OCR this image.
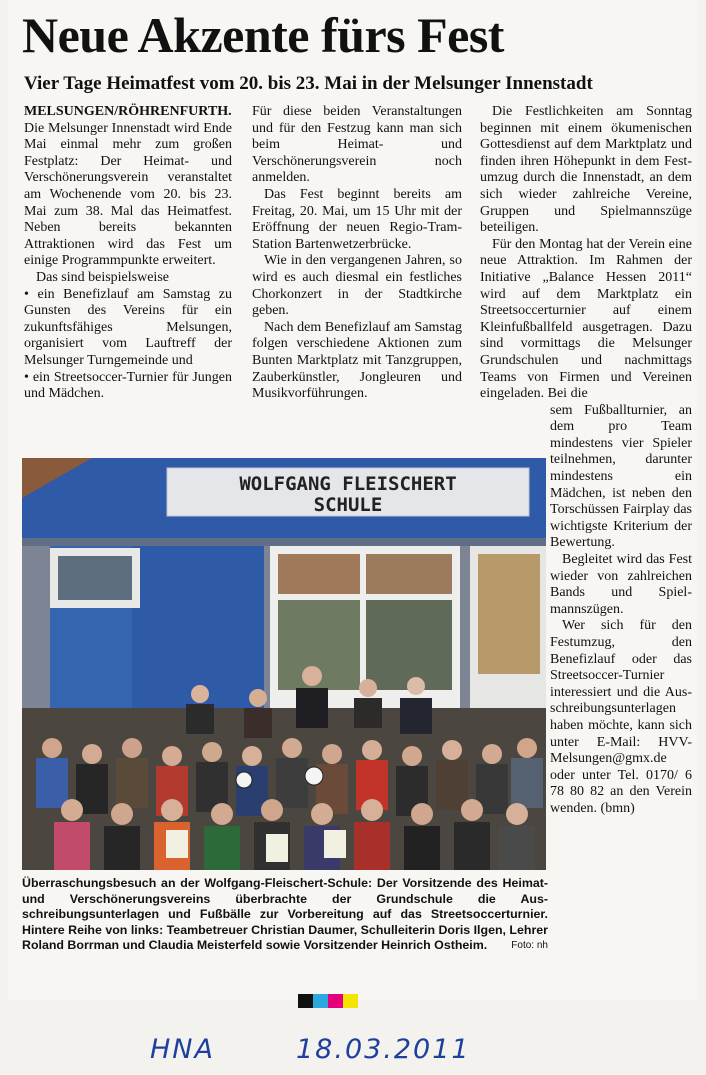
Neue Akzente fürs Fest
Vier Tage Heimatfest vom 20. bis 23. Mai in der Melsunger Innenstadt

MELSUNGEN/RÖHRENFURTH. Die Melsunger Innenstadt wird Ende Mai einmal mehr zum großen Festplatz: Der Heimat- und Verschönerungsverein veranstaltet am Wochenende vom 20. bis 23. Mai zum 38. Mal das Heimatfest. Neben bereits bekannten Attraktionen wird das Fest um einige Programmpunkte erweitert.

Das sind beispielsweise

• ein Benefizlauf am Samstag zu Gunsten des Vereins für ein zukunftsfähiges Melsungen, organisiert vom Lauftreff der Melsunger Turngemeinde und

• ein Streetsoccer-Turnier für Jungen und Mädchen.

Für diese beiden Veranstaltungen und für den Festzug kann man sich beim Heimat- und Verschönerungsverein noch anmelden.

Das Fest beginnt bereits am Freitag, 20. Mai, um 15 Uhr mit der Eröffnung der neuen Regio-Tram-Station Bartenwetzerbrücke.

Wie in den vergangenen Jahren, so wird es auch diesmal ein festliches Chorkonzert in der Stadtkirche geben.

Nach dem Benefizlauf am Samstag folgen verschiedene Aktionen zum Bunten Marktplatz mit Tanzgruppen, Zauberkünstler, Jongleuren und Musikvorführungen.

Die Festlichkeiten am Sonntag beginnen mit einem ökumenischen Gottesdienst auf dem Marktplatz und finden ihren Höhepunkt in dem Festumzug durch die Innenstadt, an dem sich wieder zahlreiche Vereine, Gruppen und Spielmannszüge beteiligen.

Für den Montag hat der Verein eine neue Attraktion. Im Rahmen der Initiative „Balance Hessen 2011“ wird auf dem Marktplatz ein Streetsoccerturnier auf einem Kleinfußballfeld ausgetragen. Dazu sind vormittags die Melsunger Grundschulen und nachmittags Teams von Firmen und Vereinen eingeladen. Bei die

sem Fußballturnier, an dem pro Team mindestens vier Spieler teilnehmen, darunter mindestens ein Mädchen, ist neben den Torschüssen Fairplay das wichtigste Kriterium der Bewertung.

Begleitet wird das Fest wieder von zahlreichen Bands und Spielmannszügen.

Wer sich für den Festumzug, den Benefizlauf oder das Streetsoccer-Turnier interessiert und die Ausschreibungsunterlagen haben möchte, kann sich unter E-Mail: HVV-Melsungen@gmx.de oder unter Tel. 0170/ 6 78 80 82 an den Verein wenden. (bmn)

WOLFGANG FLEISCHERT
SCHULE
Überraschungsbesuch an der Wolfgang-Fleischert-Schule: Der Vorsitzende des Heimat- und Verschönerungsvereins überbrachte der Grundschule die Ausschreibungsunterlagen und Fußbälle zur Vorbereitung auf das Streetsoccerturnier. Hintere Reihe von links: Teambetreuer Christian Daumer, Schulleiterin Doris Ilgen, Lehrer Roland Borrman und Claudia Meisterfeld sowie Vorsitzender Heinrich Ostheim. Foto: nh
HNA	18.03.2011
